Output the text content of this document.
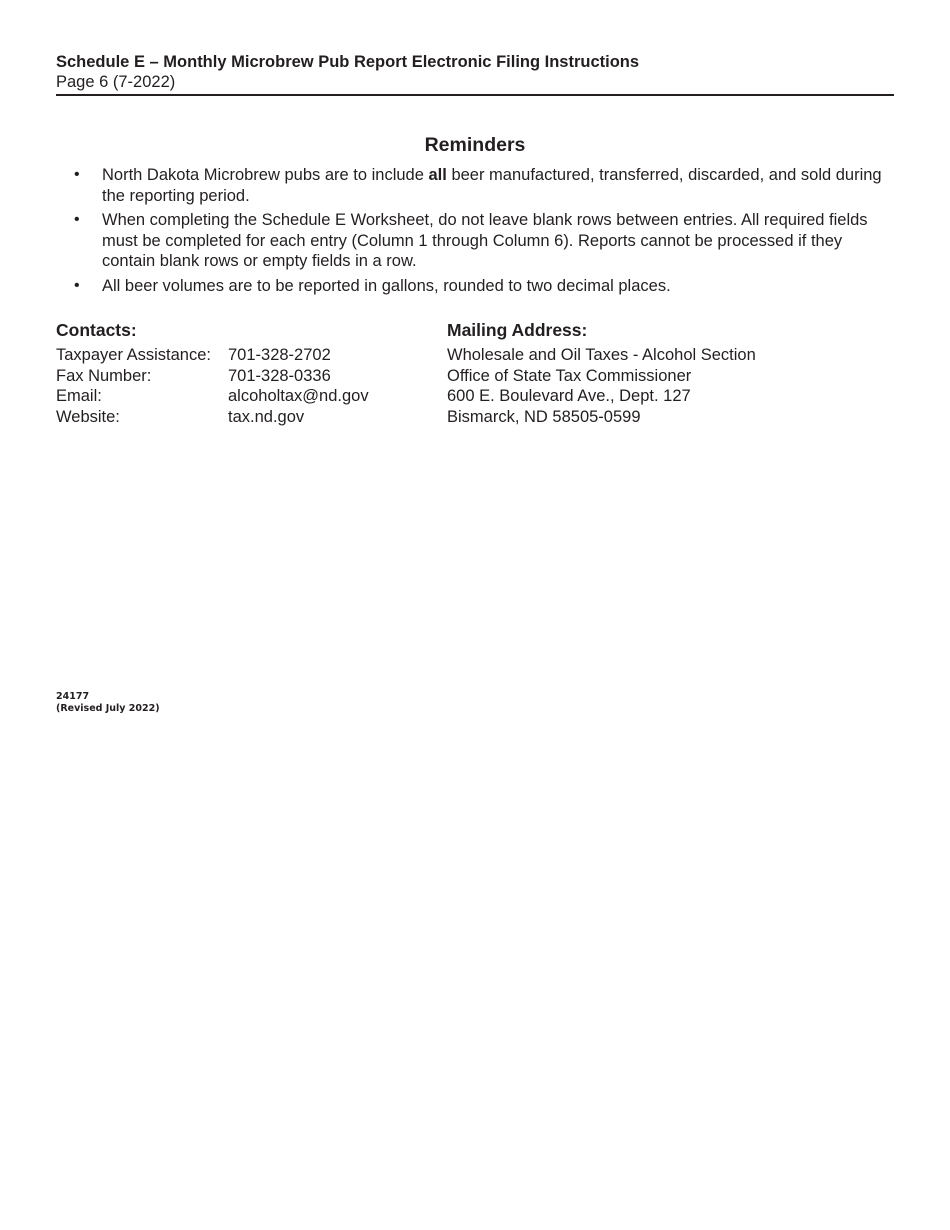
Schedule E – Monthly Microbrew Pub Report Electronic Filing Instructions
Page 6 (7-2022)
Reminders
• North Dakota Microbrew pubs are to include all beer manufactured, transferred, discarded, and sold during the reporting period.
• When completing the Schedule E Worksheet, do not leave blank rows between entries. All required fields must be completed for each entry (Column 1 through Column 6). Reports cannot be processed if they contain blank rows or empty fields in a row.
• All beer volumes are to be reported in gallons, rounded to two decimal places.
Contacts:
Taxpayer Assistance:	701-328-2702
Fax Number:	701-328-0336
Email:	alcoholtax@nd.gov
Website:	tax.nd.gov
Mailing Address:
Wholesale and Oil Taxes - Alcohol Section
Office of State Tax Commissioner
600 E. Boulevard Ave., Dept. 127
Bismarck, ND 58505-0599
24177
(Revised July 2022)
